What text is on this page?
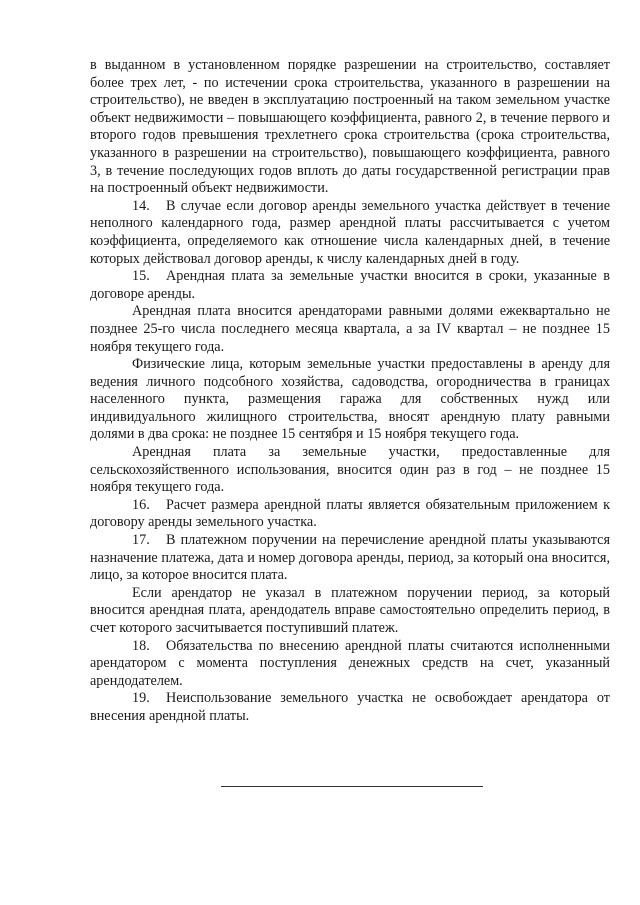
в выданном в установленном порядке разрешении на строительство, составляет более трех лет, - по истечении срока строительства, указанного в разрешении на строительство), не введен в эксплуатацию построенный на таком земельном участке объект недвижимости – повышающего коэффициента, равного 2, в течение первого и второго годов превышения трехлетнего срока строительства (срока строительства, указанного в разрешении на строительство), повышающего коэффициента, равного 3, в течение последующих годов вплоть до даты государственной регистрации прав на построенный объект недвижимости.

14. В случае если договор аренды земельного участка действует в течение неполного календарного года, размер арендной платы рассчитывается с учетом коэффициента, определяемого как отношение числа календарных дней, в течение которых действовал договор аренды, к числу календарных дней в году.

15. Арендная плата за земельные участки вносится в сроки, указанные в договоре аренды.

Арендная плата вносится арендаторами равными долями ежеквартально не позднее 25-го числа последнего месяца квартала, а за IV квартал – не позднее 15 ноября текущего года.

Физические лица, которым земельные участки предоставлены в аренду для ведения личного подсобного хозяйства, садоводства, огородничества в границах населенного пункта, размещения гаража для собственных нужд или индивидуального жилищного строительства, вносят арендную плату равными долями в два срока: не позднее 15 сентября и 15 ноября текущего года.

Арендная плата за земельные участки, предоставленные для сельскохозяйственного использования, вносится один раз в год – не позднее 15 ноября текущего года.

16. Расчет размера арендной платы является обязательным приложением к договору аренды земельного участка.

17. В платежном поручении на перечисление арендной платы указываются назначение платежа, дата и номер договора аренды, период, за который она вносится, лицо, за которое вносится плата.

Если арендатор не указал в платежном поручении период, за который вносится арендная плата, арендодатель вправе самостоятельно определить период, в счет которого засчитывается поступивший платеж.

18. Обязательства по внесению арендной платы считаются исполненными арендатором с момента поступления денежных средств на счет, указанный арендодателем.

19. Неиспользование земельного участка не освобождает арендатора от внесения арендной платы.
